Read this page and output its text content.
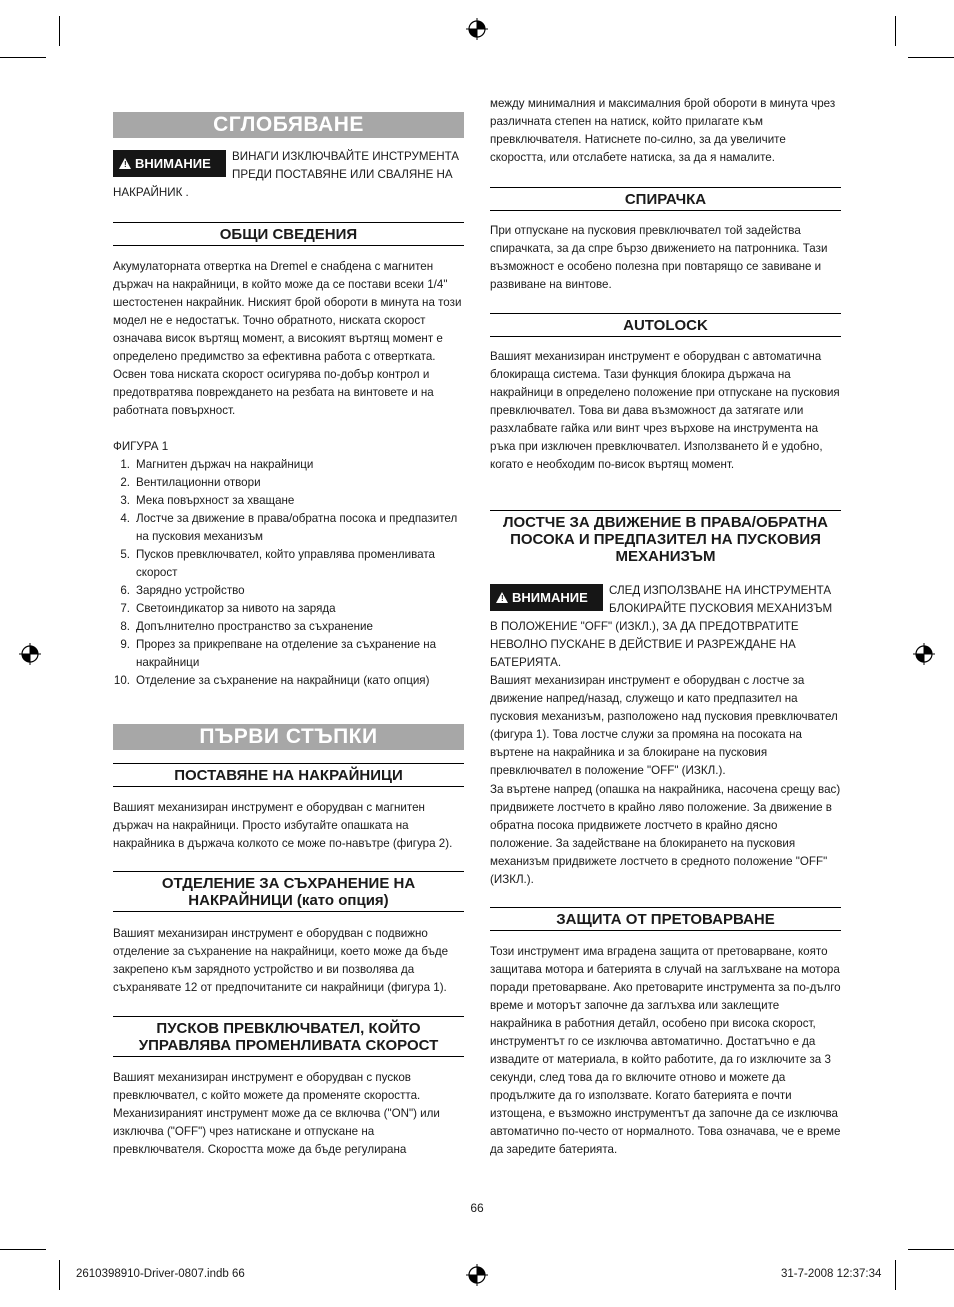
СГЛОБЯВАНЕ
! ВНИМАНИЕ	ВИНАГИ ИЗКЛЮЧВАЙТЕ ИНСТРУМЕНТА ПРЕДИ ПОСТАВЯНЕ ИЛИ СВАЛЯНЕ НА НАКРАЙНИК .
ОБЩИ СВЕДЕНИЯ

Акумулаторната отвертка на Dremel е снабдена с магнитен държач на накрайници, в който може да се постави всеки 1/4" шестостенен накрайник. Ниският брой обороти в минута на този модел не е недостатък. Точно обратното, ниската скорост означава висок въртящ момент, а високият въртящ момент е определено предимство за ефективна работа с отвертката. Освен това ниската скорост осигурява по-добър контрол и предотвратява повреждането на резбата на винтовете и на работната повърхност.

ФИГУРА 1

1. Магнитен държач на накрайници
2. Вентилационни отвори
3. Мека повърхност за хващане
4. Лостче за движение в права/обратна посока и предпазител на пусковия механизъм
5. Пусков превключвател, който управлява променливата скорост
6. Зарядно устройство
7. Светоиндикатор за нивото на заряда
8. Допълнително пространство за съхранение
9. Прорез за прикрепване на отделение за съхранение на накрайници
10. Отделение за съхранение на накрайници (като опция)
ПЪРВИ СТЪПКИ
ПОСТАВЯНЕ НА НАКРАЙНИЦИ

Вашият механизиран инструмент е оборудван с магнитен държач на накрайници. Просто избутайте опашката на накрайника в държача колкото се може по-навътре (фигура 2).

ОТДЕЛЕНИЕ ЗА СЪХРАНЕНИЕ НА
НАКРАЙНИЦИ (като опция)

Вашият механизиран инструмент е оборудван с подвижно отделение за съхранение на накрайници, което може да бъде закрепено към зарядното устройство и ви позволява да съхранявате 12 от предпочитаните си накрайници (фигура 1).

ПУСКОВ ПРЕВКЛЮЧВАТЕЛ, КОЙТО
УПРАВЛЯВА ПРОМЕНЛИВАТА СКОРОСТ

Вашият механизиран инструмент е оборудван с пусков превключвател, с който можете да променяте скоростта. Механизираният инструмент може да се включва ("ON") или изключва ("OFF") чрез натискане и отпускане на превключвателя. Скоростта може да бъде регулирана

между минималния и максималния брой обороти в минута чрез различната степен на натиск, който прилагате към превключвателя. Натиснете по-силно, за да увеличите скоростта, или отслабете натиска, за да я намалите.

СПИРАЧКА

При отпускане на пусковия превключвател той задейства спирачката, за да спре бързо движението на патронника. Тази възможност е особено полезна при повтарящо се завиване и развиване на винтове.

AUTOLOCK

Вашият механизиран инструмент е оборудван с автоматична блокираща система. Тази функция блокира държача на накрайници в определено положение при отпускане на пусковия превключвател. Това ви дава възможност да затягате или разхлабвате гайка или винт чрез върхове на инструмента на ръка при изключен превключвател. Използването й е удобно, когато е необходим по-висок въртящ момент.

ЛОСТЧЕ ЗА ДВИЖЕНИЕ В ПРАВА/ОБРАТНА
ПОСОКА И ПРЕДПАЗИТЕЛ НА ПУСКОВИЯ
МЕХАНИЗЪМ
! ВНИМАНИЕ	СЛЕД ИЗПОЛЗВАНЕ НА ИНСТРУМЕНТА БЛОКИРАЙТЕ ПУСКОВИЯ МЕХАНИЗЪМ В ПОЛОЖЕНИЕ "OFF" (ИЗКЛ.), ЗА ДА ПРЕДОТВРАТИТЕ НЕВОЛНО ПУСКАНЕ В ДЕЙСТВИЕ И РАЗРЕЖДАНЕ НА БАТЕРИЯТА.

Вашият механизиран инструмент е оборудван с лостче за движение напред/назад, служещо и като предпазител на пусковия механизъм, разположено над пусковия превключвател (фигура 1). Това лостче служи за промяна на посоката на въртене на накрайника и за блокиране на пусковия превключвател в положение "OFF" (ИЗКЛ.).

За въртене напред (опашка на накрайника, насочена срещу вас) придвижете лостчето в крайно ляво положение. За движение в обратна посока придвижете лостчето в крайно дясно положение. За задействане на блокирането на пусковия механизъм придвижете лостчето в средното положение "OFF" (ИЗКЛ.).

ЗАЩИТА ОТ ПРЕТОВАРВАНЕ

Този инструмент има вградена защита от претоварване, която защитава мотора и батерията в случай на заглъхване на мотора поради претоварване. Ако претоварите инструмента за по-дълго време и моторът започне да заглъхва или заклещите накрайника в работния детайл, особено при висока скорост, инструментът го се изключва автоматично. Достатъчно е да извадите от материала, в който работите, да го изключите за 3 секунди, след това да го включите отново и можете да продължите да го използвате. Когато батерията е почти изтощена, е възможно инструментът да започне да се изключва автоматично по-често от нормалното. Това означава, че е време да заредите батерията.

66
2610398910-Driver-0807.indb 66	31-7-2008 12:37:34
